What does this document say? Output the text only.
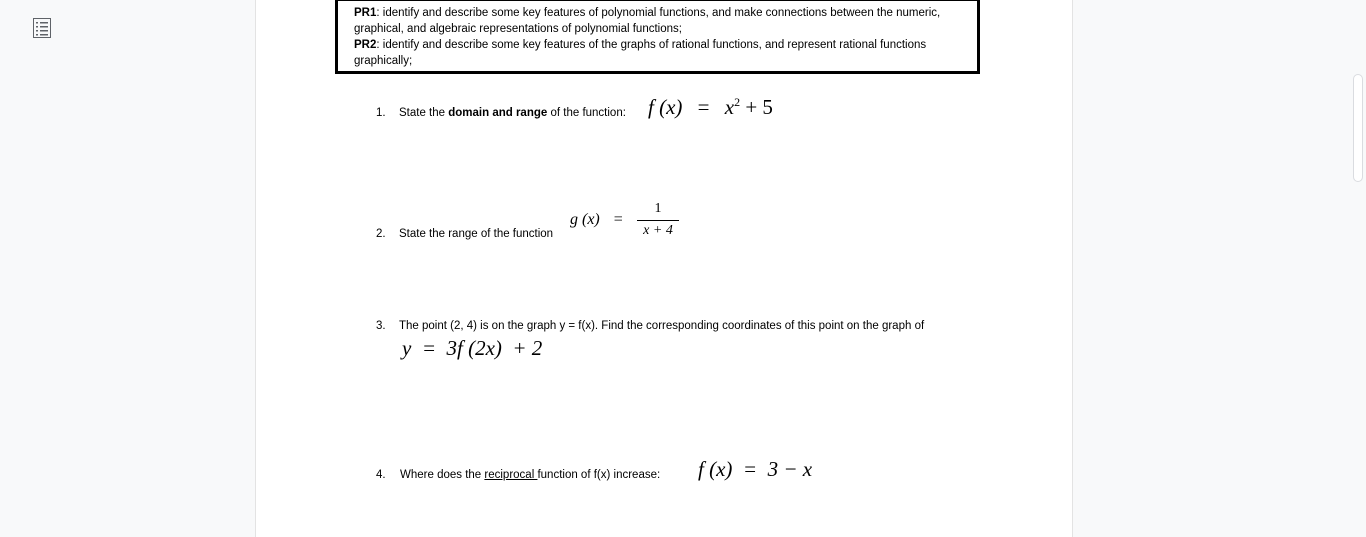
PR1: identify and describe some key features of polynomial functions, and make connections between the numeric,
graphical, and algebraic representations of polynomial functions;
PR2: identify and describe some key features of the graphs of rational functions, and represent rational functions
graphically;
1. State the domain and range of the function: f $(x) = x^2 + 5$
2. State the range of the function
g (x) =
1
x + 4
3. The point (2, 4) is on the graph y = f(x). Find the corresponding coordinates of this point on the graph of
y  =  3f (2x)  + 2
4. Where does the reciprocal function of f(x) increase: f (x)  =  3 − x
